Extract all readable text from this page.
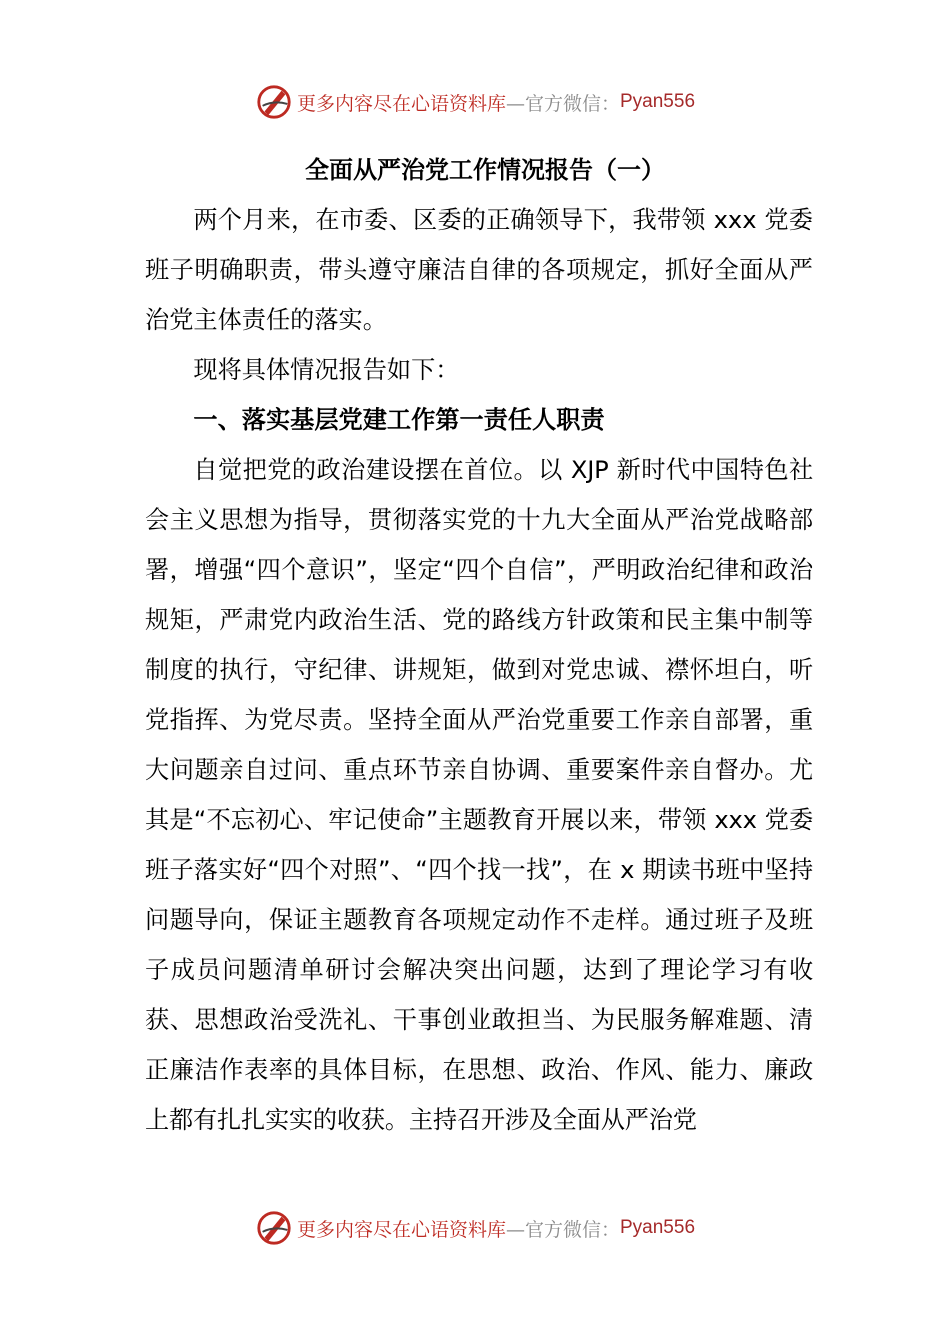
更多内容尽在心语资料库 —官方微信： Pyan556
全面从严治党工作情况报告（一）

两个月来，在市委、区委的正确领导下，我带领 xxx 党委班子明确职责，带头遵守廉洁自律的各项规定，抓好全面从严治党主体责任的落实。

现将具体情况报告如下：

一、落实基层党建工作第一责任人职责

自觉把党的政治建设摆在首位。以 XJP 新时代中国特色社会主义思想为指导，贯彻落实党的十九大全面从严治党战略部署，增强“四个意识”，坚定“四个自信”，严明政治纪律和政治规矩，严肃党内政治生活、党的路线方针政策和民主集中制等制度的执行，守纪律、讲规矩，做到对党忠诚、襟怀坦白，听党指挥、为党尽责。坚持全面从严治党重要工作亲自部署，重大问题亲自过问、重点环节亲自协调、重要案件亲自督办。尤其是“不忘初心、牢记使命”主题教育开展以来，带领 xxx 党委班子落实好“四个对照”、“四个找一找”，在 x 期读书班中坚持问题导向，保证主题教育各项规定动作不走样。通过班子及班子成员问题清单研讨会解决突出问题，达到了理论学习有收获、思想政治受洗礼、干事创业敢担当、为民服务解难题、清正廉洁作表率的具体目标，在思想、政治、作风、能力、廉政上都有扎扎实实的收获。主持召开涉及全面从严治党

更多内容尽在心语资料库 —官方微信： Pyan556
